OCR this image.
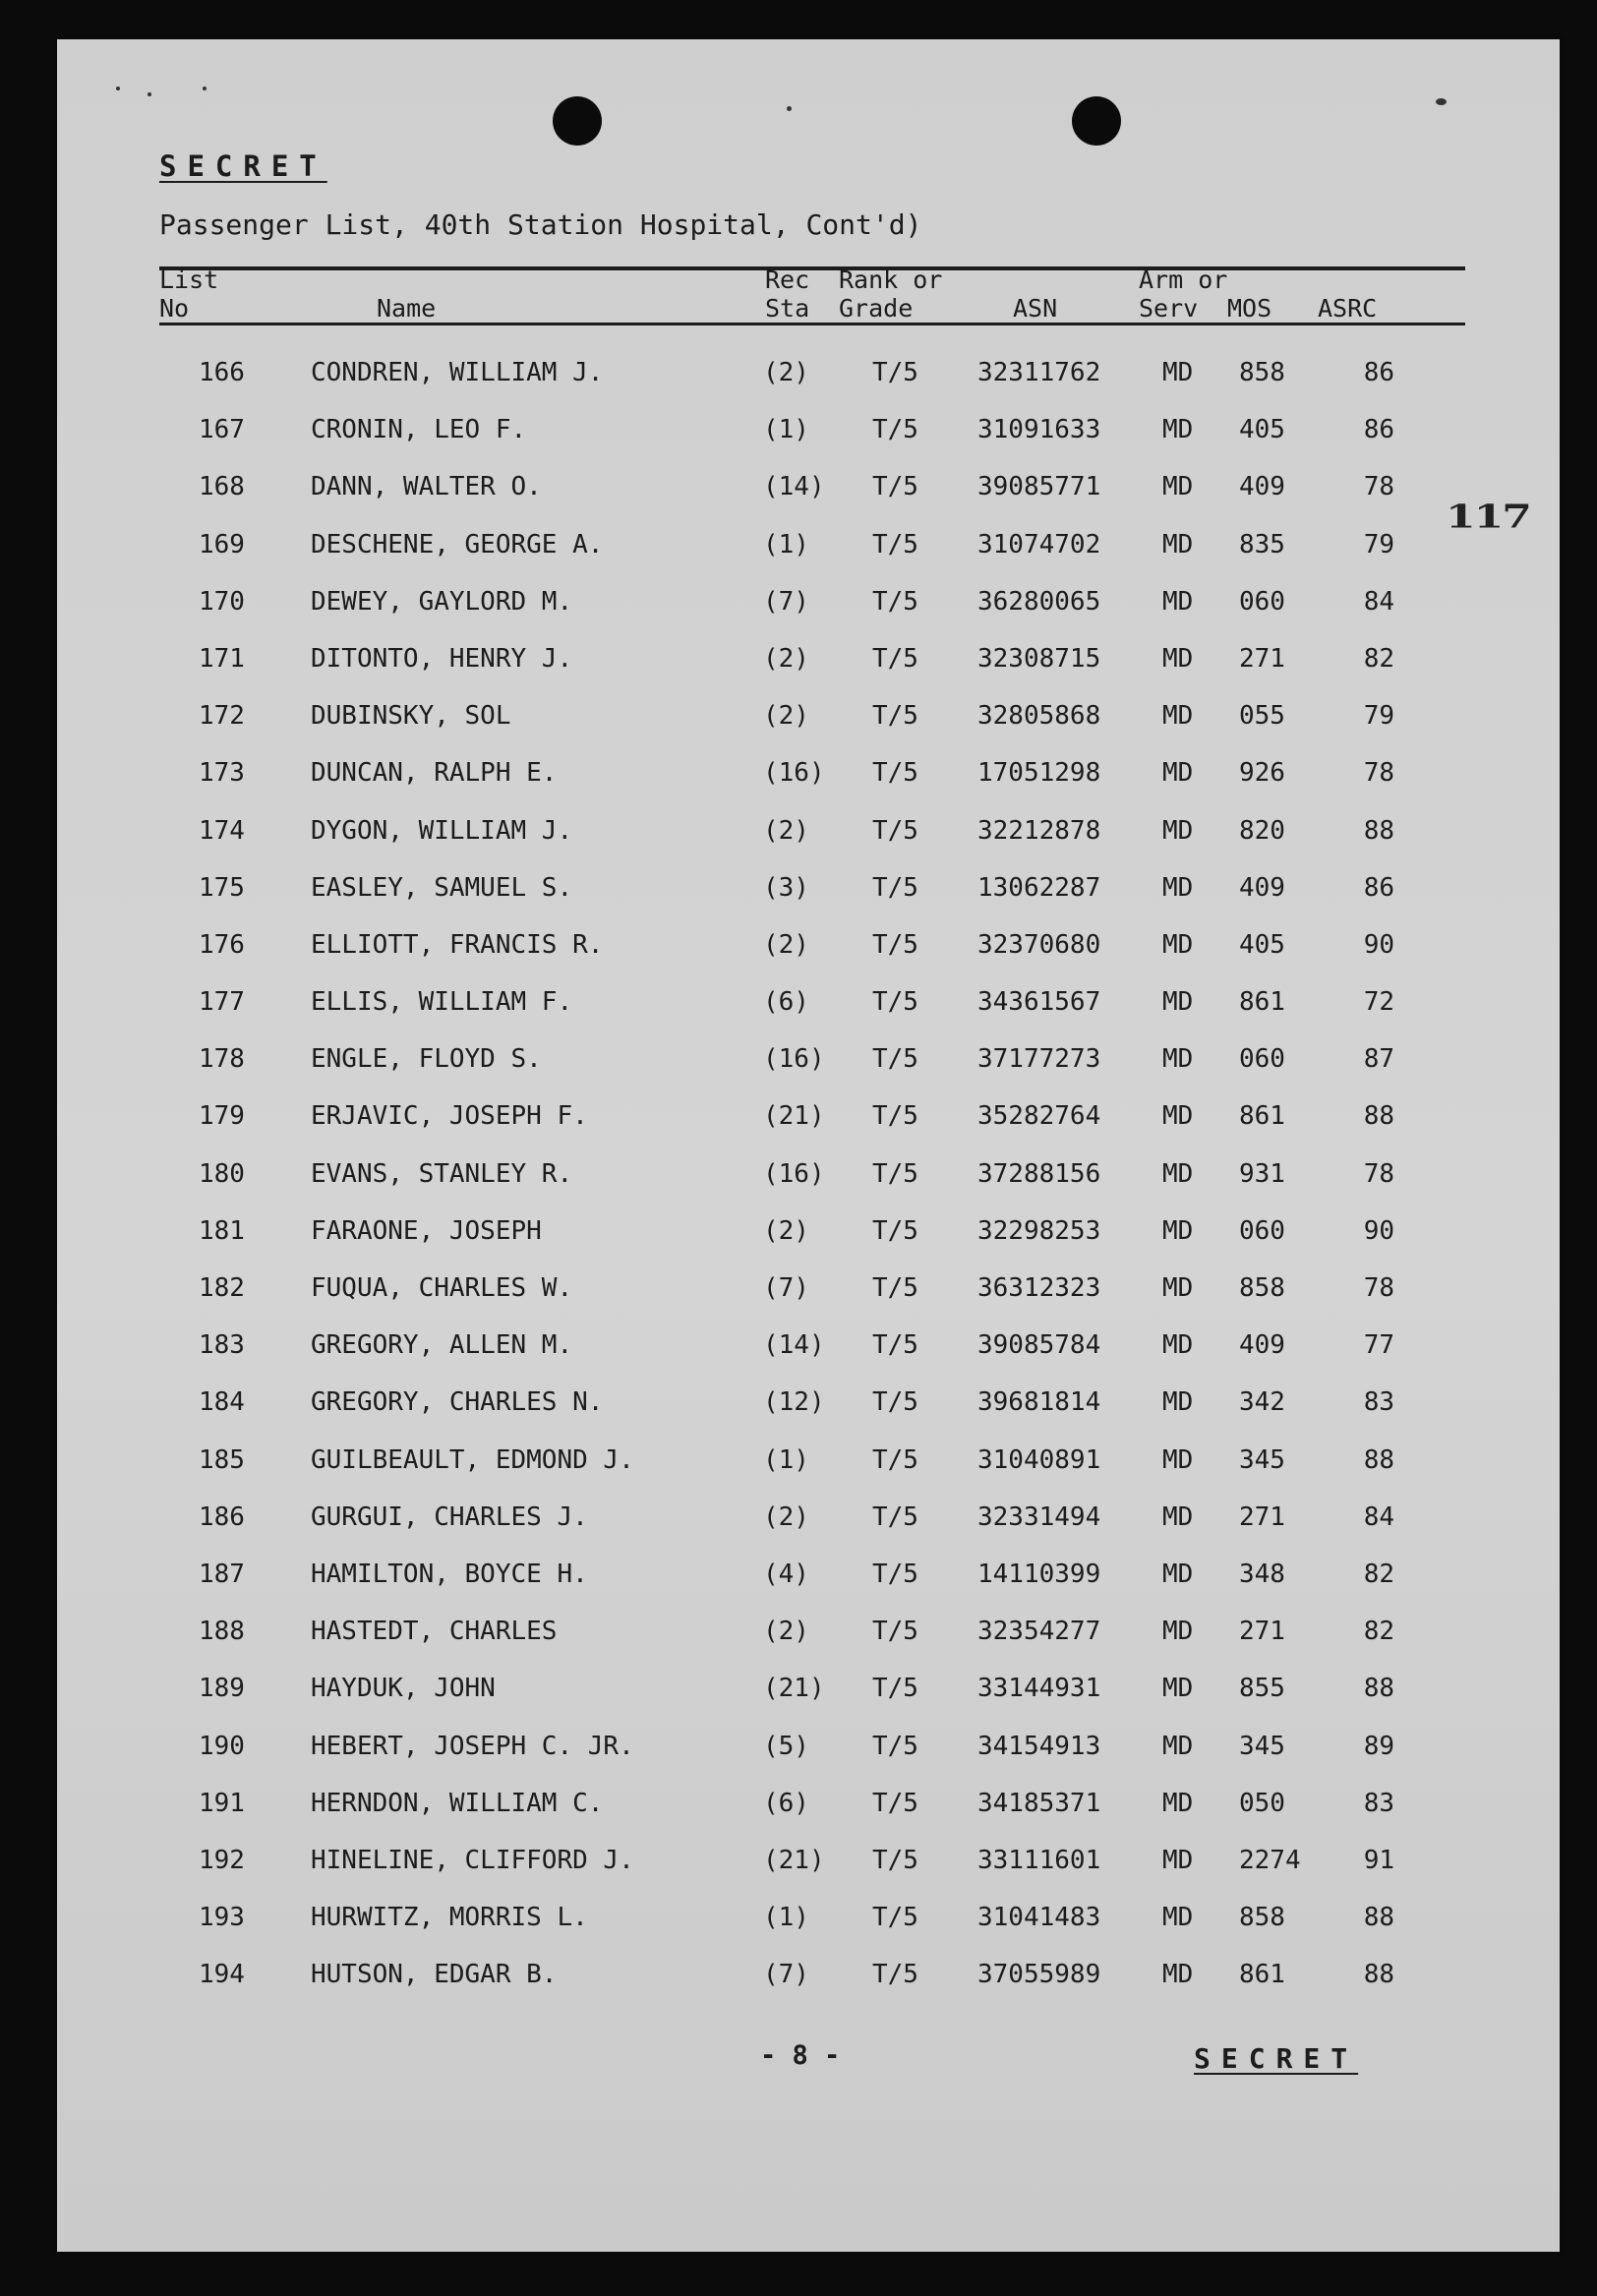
SECRET
Passenger List, 40th Station Hospital, Cont'd)
List
No	Name
Rec
Sta
Rank or
Grade	ASN
Arm or
Serv	MOS ASRC
166	CONDREN, WILLIAM J.	(2) T/5 32311762 MD 858	86
167	CRONIN, LEO F.	(1) T/5 31091633 MD 405	86
168	DANN, WALTER O.	(14) T/5 39085771 MD 409	78
169	DESCHENE, GEORGE A.	(1) T/5 31074702 MD 835	79
170	DEWEY, GAYLORD M.	(7) T/5 36280065 MD 060	84
171	DITONTO, HENRY J.	(2) T/5 32308715 MD 271	82
172	DUBINSKY, SOL	(2) T/5 32805868 MD 055	79
173	DUNCAN, RALPH E.	(16) T/5 17051298 MD 926	78
174	DYGON, WILLIAM J.	(2) T/5 32212878 MD 820	88
175	EASLEY, SAMUEL S.	(3) T/5 13062287 MD 409	86
176	ELLIOTT, FRANCIS R.	(2) T/5 32370680 MD 405	90
177	ELLIS, WILLIAM F.	(6) T/5 34361567 MD 861	72
178	ENGLE, FLOYD S.	(16) T/5 37177273 MD 060	87
179	ERJAVIC, JOSEPH F.	(21) T/5 35282764 MD 861	88
180	EVANS, STANLEY R.	(16) T/5 37288156 MD 931	78
181	FARAONE, JOSEPH	(2) T/5 32298253 MD 060	90
182	FUQUA, CHARLES W.	(7) T/5 36312323 MD 858	78
183	GREGORY, ALLEN M.	(14) T/5 39085784 MD 409	77
184	GREGORY, CHARLES N.	(12) T/5 39681814 MD 342	83
185	GUILBEAULT, EDMOND J.	(1) T/5 31040891 MD 345	88
186	GURGUI, CHARLES J.	(2) T/5 32331494 MD 271	84
187	HAMILTON, BOYCE H.	(4) T/5 14110399 MD 348	82
188	HASTEDT, CHARLES	(2) T/5 32354277 MD 271	82
189	HAYDUK, JOHN	(21) T/5 33144931 MD 855	88
190	HEBERT, JOSEPH C. JR.	(5) T/5 34154913 MD 345	89
191	HERNDON, WILLIAM C.	(6) T/5 34185371 MD 050	83
192	HINELINE, CLIFFORD J.	(21) T/5 33111601 MD 2274	91
193	HURWITZ, MORRIS L.	(1) T/5 31041483 MD 858	88
194	HUTSON, EDGAR B.	(7) T/5 37055989 MD 861	88
117
- 8 -	SECRET
